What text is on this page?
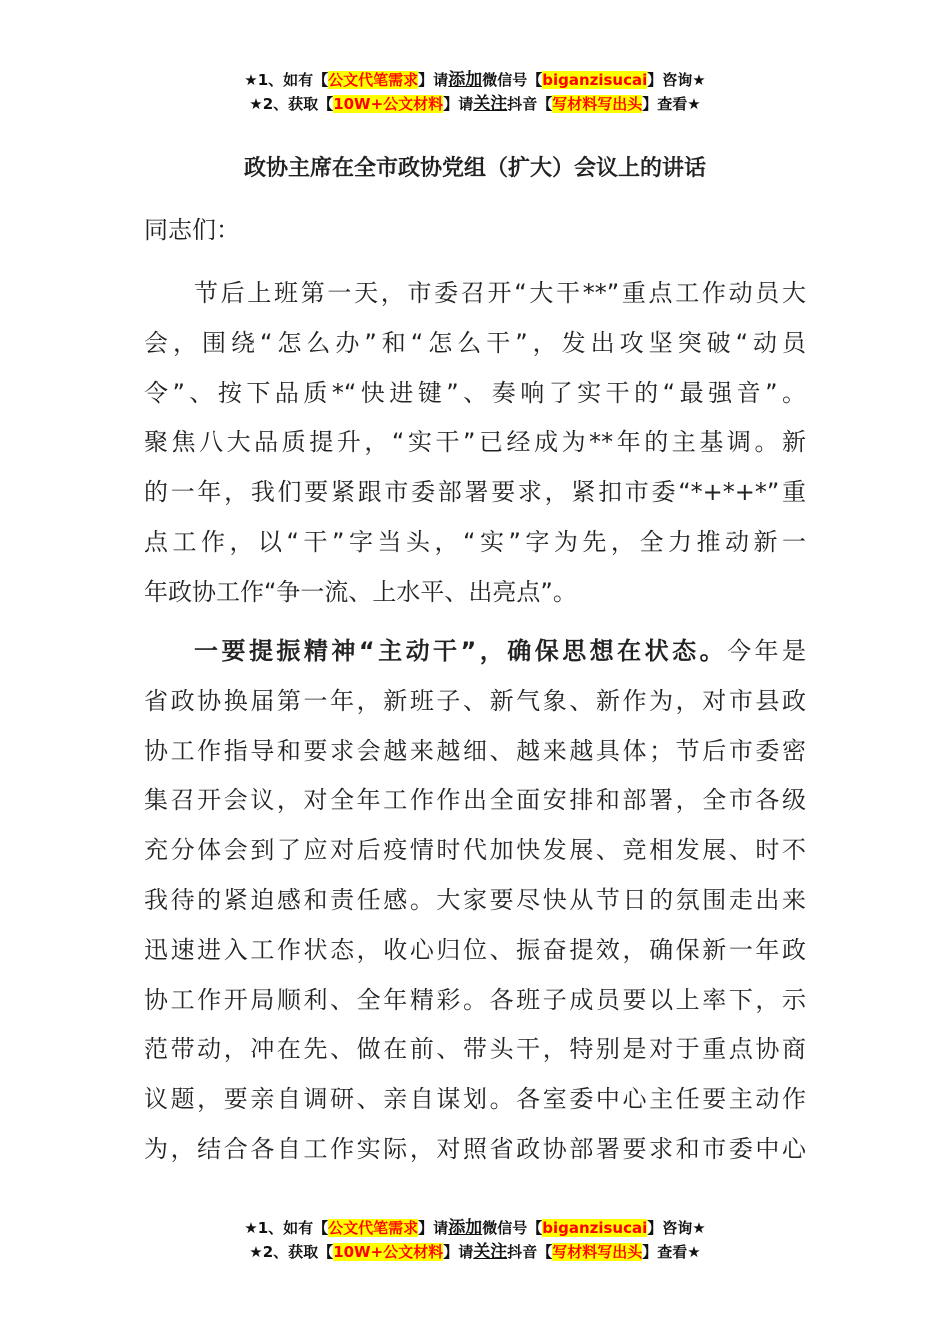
★1、如有【公文代笔需求】请添加微信号【biganzisucai】咨询★
★2、获取【10W+公文材料】请关注抖音【写材料写出头】查看★
政协主席在全市政协党组（扩大）会议上的讲话
同志们：
节后上班第一天，市委召开“大干**”重点工作动员大
会，围绕“怎么办”和“怎么干”，发出攻坚突破“动员
令”、按下品质*“快进键”、奏响了实干的“最强音”。
聚焦八大品质提升，“实干”已经成为**年的主基调。新
的一年，我们要紧跟市委部署要求，紧扣市委“*+*+*”重
点工作，以“干”字当头，“实”字为先，全力推动新一
年政协工作“争一流、上水平、出亮点”。
一要提振精神“主动干”，确保思想在状态。今年是
省政协换届第一年，新班子、新气象、新作为，对市县政
协工作指导和要求会越来越细、越来越具体；节后市委密
集召开会议，对全年工作作出全面安排和部署，全市各级
充分体会到了应对后疫情时代加快发展、竞相发展、时不
我待的紧迫感和责任感。大家要尽快从节日的氛围走出来
迅速进入工作状态，收心归位、振奋提效，确保新一年政
协工作开局顺利、全年精彩。各班子成员要以上率下，示
范带动，冲在先、做在前、带头干，特别是对于重点协商
议题，要亲自调研、亲自谋划。各室委中心主任要主动作
为，结合各自工作实际，对照省政协部署要求和市委中心
★1、如有【公文代笔需求】请添加微信号【biganzisucai】咨询★
★2、获取【10W+公文材料】请关注抖音【写材料写出头】查看★
